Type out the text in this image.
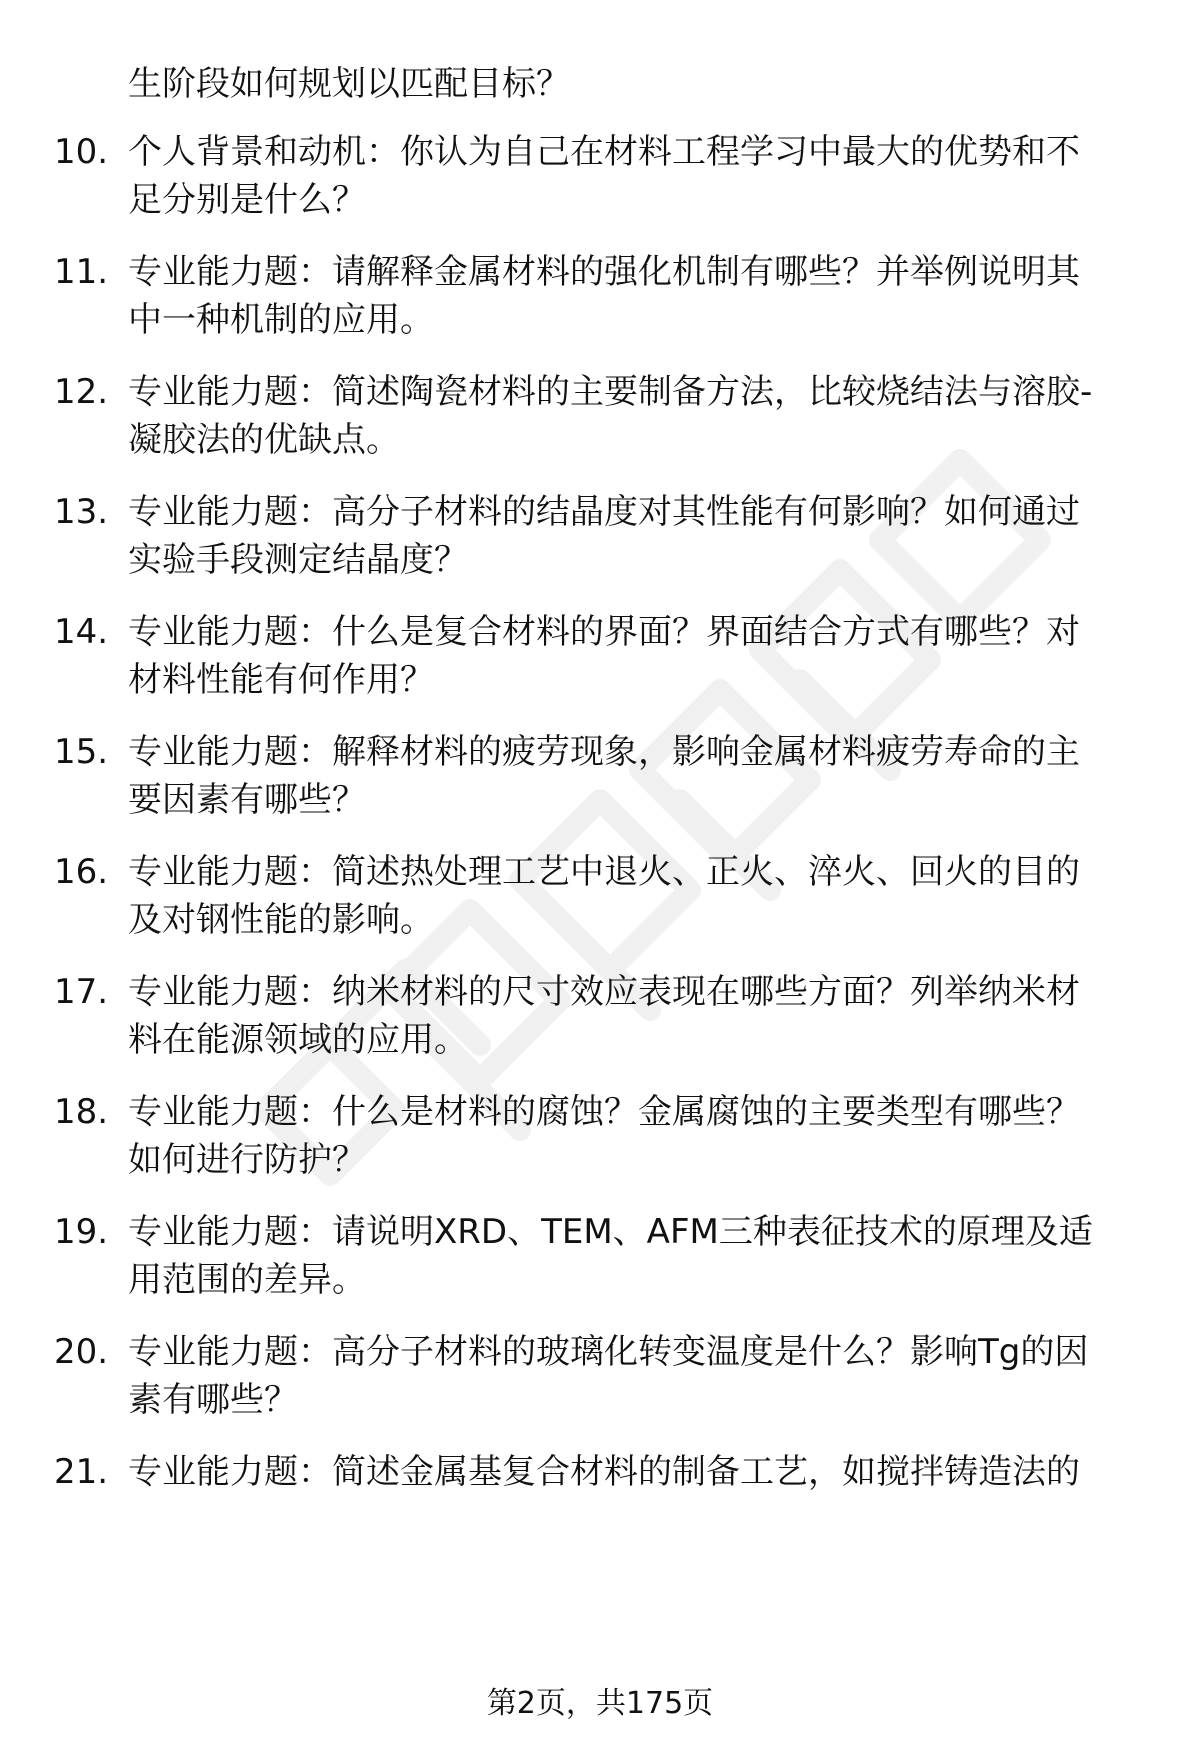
生阶段如何规划以匹配目标？
10. 个人背景和动机：你认为自己在材料工程学习中最大的优势和不
足分别是什么？
11. 专业能力题：请解释金属材料的强化机制有哪些？并举例说明其
中一种机制的应用。
12. 专业能力题：简述陶瓷材料的主要制备方法，比较烧结法与溶胶-
凝胶法的优缺点。
13. 专业能力题：高分子材料的结晶度对其性能有何影响？如何通过
实验手段测定结晶度？
14. 专业能力题：什么是复合材料的界面？界面结合方式有哪些？对
材料性能有何作用？
15. 专业能力题：解释材料的疲劳现象，影响金属材料疲劳寿命的主
要因素有哪些？
16. 专业能力题：简述热处理工艺中退火、正火、淬火、回火的目的
及对钢性能的影响。
17. 专业能力题：纳米材料的尺寸效应表现在哪些方面？列举纳米材
料在能源领域的应用。
18. 专业能力题：什么是材料的腐蚀？金属腐蚀的主要类型有哪些？
如何进行防护？
19. 专业能力题：请说明XRD、TEM、AFM三种表征技术的原理及适
用范围的差异。
20. 专业能力题：高分子材料的玻璃化转变温度是什么？影响Tg的因
素有哪些？
21. 专业能力题：简述金属基复合材料的制备工艺，如搅拌铸造法的
第2页，共175页
